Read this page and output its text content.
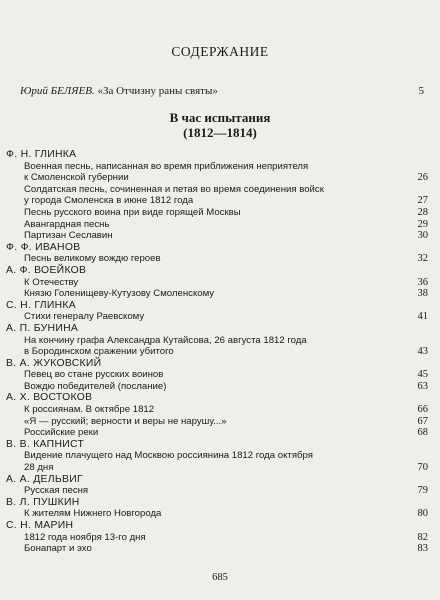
СОДЕРЖАНИЕ
Юрий БЕЛЯЕВ. «За Отчизну раны святы»	5
В час испытания
(1812—1814)
Ф. Н. ГЛИНКА
Военная песнь, написанная во время приближения неприятеля
к Смоленской губернии	26
Солдатская песнь, сочиненная и петая во время соединения войск
у города Смоленска в июне 1812 года	27
Песнь русского воина при виде горящей Москвы	28
Авангардная песнь	29
Партизан Сеславин	30
Ф. Ф. ИВАНОВ
Песнь великому вождю героев	32
А. Ф. ВОЕЙКОВ
К Отечеству	36
Князю Голенищеву-Кутузову Смоленскому	38
С. Н. ГЛИНКА
Стихи генералу Раевскому	41
А. П. БУНИНА
На кончину графа Александра Кутайсова, 26 августа 1812 года
в Бородинском сражении убитого	43
В. А. ЖУКОВСКИЙ
Певец во стане русских воинов	45
Вождю победителей (послание)	63
А. Х. ВОСТОКОВ
К россиянам. В октябре 1812	66
«Я — русский; верности и веры не нарушу...»	67
Российские реки	68
В. В. КАПНИСТ
Видение плачущего над Москвою россиянина 1812 года октября
28 дня	70
А. А. ДЕЛЬВИГ
Русская песня	79
В. Л. ПУШКИН
К жителям Нижнего Новгорода	80
С. Н. МАРИН
1812 года ноября 13-го дня	82
Бонапарт и эхо	83
685
